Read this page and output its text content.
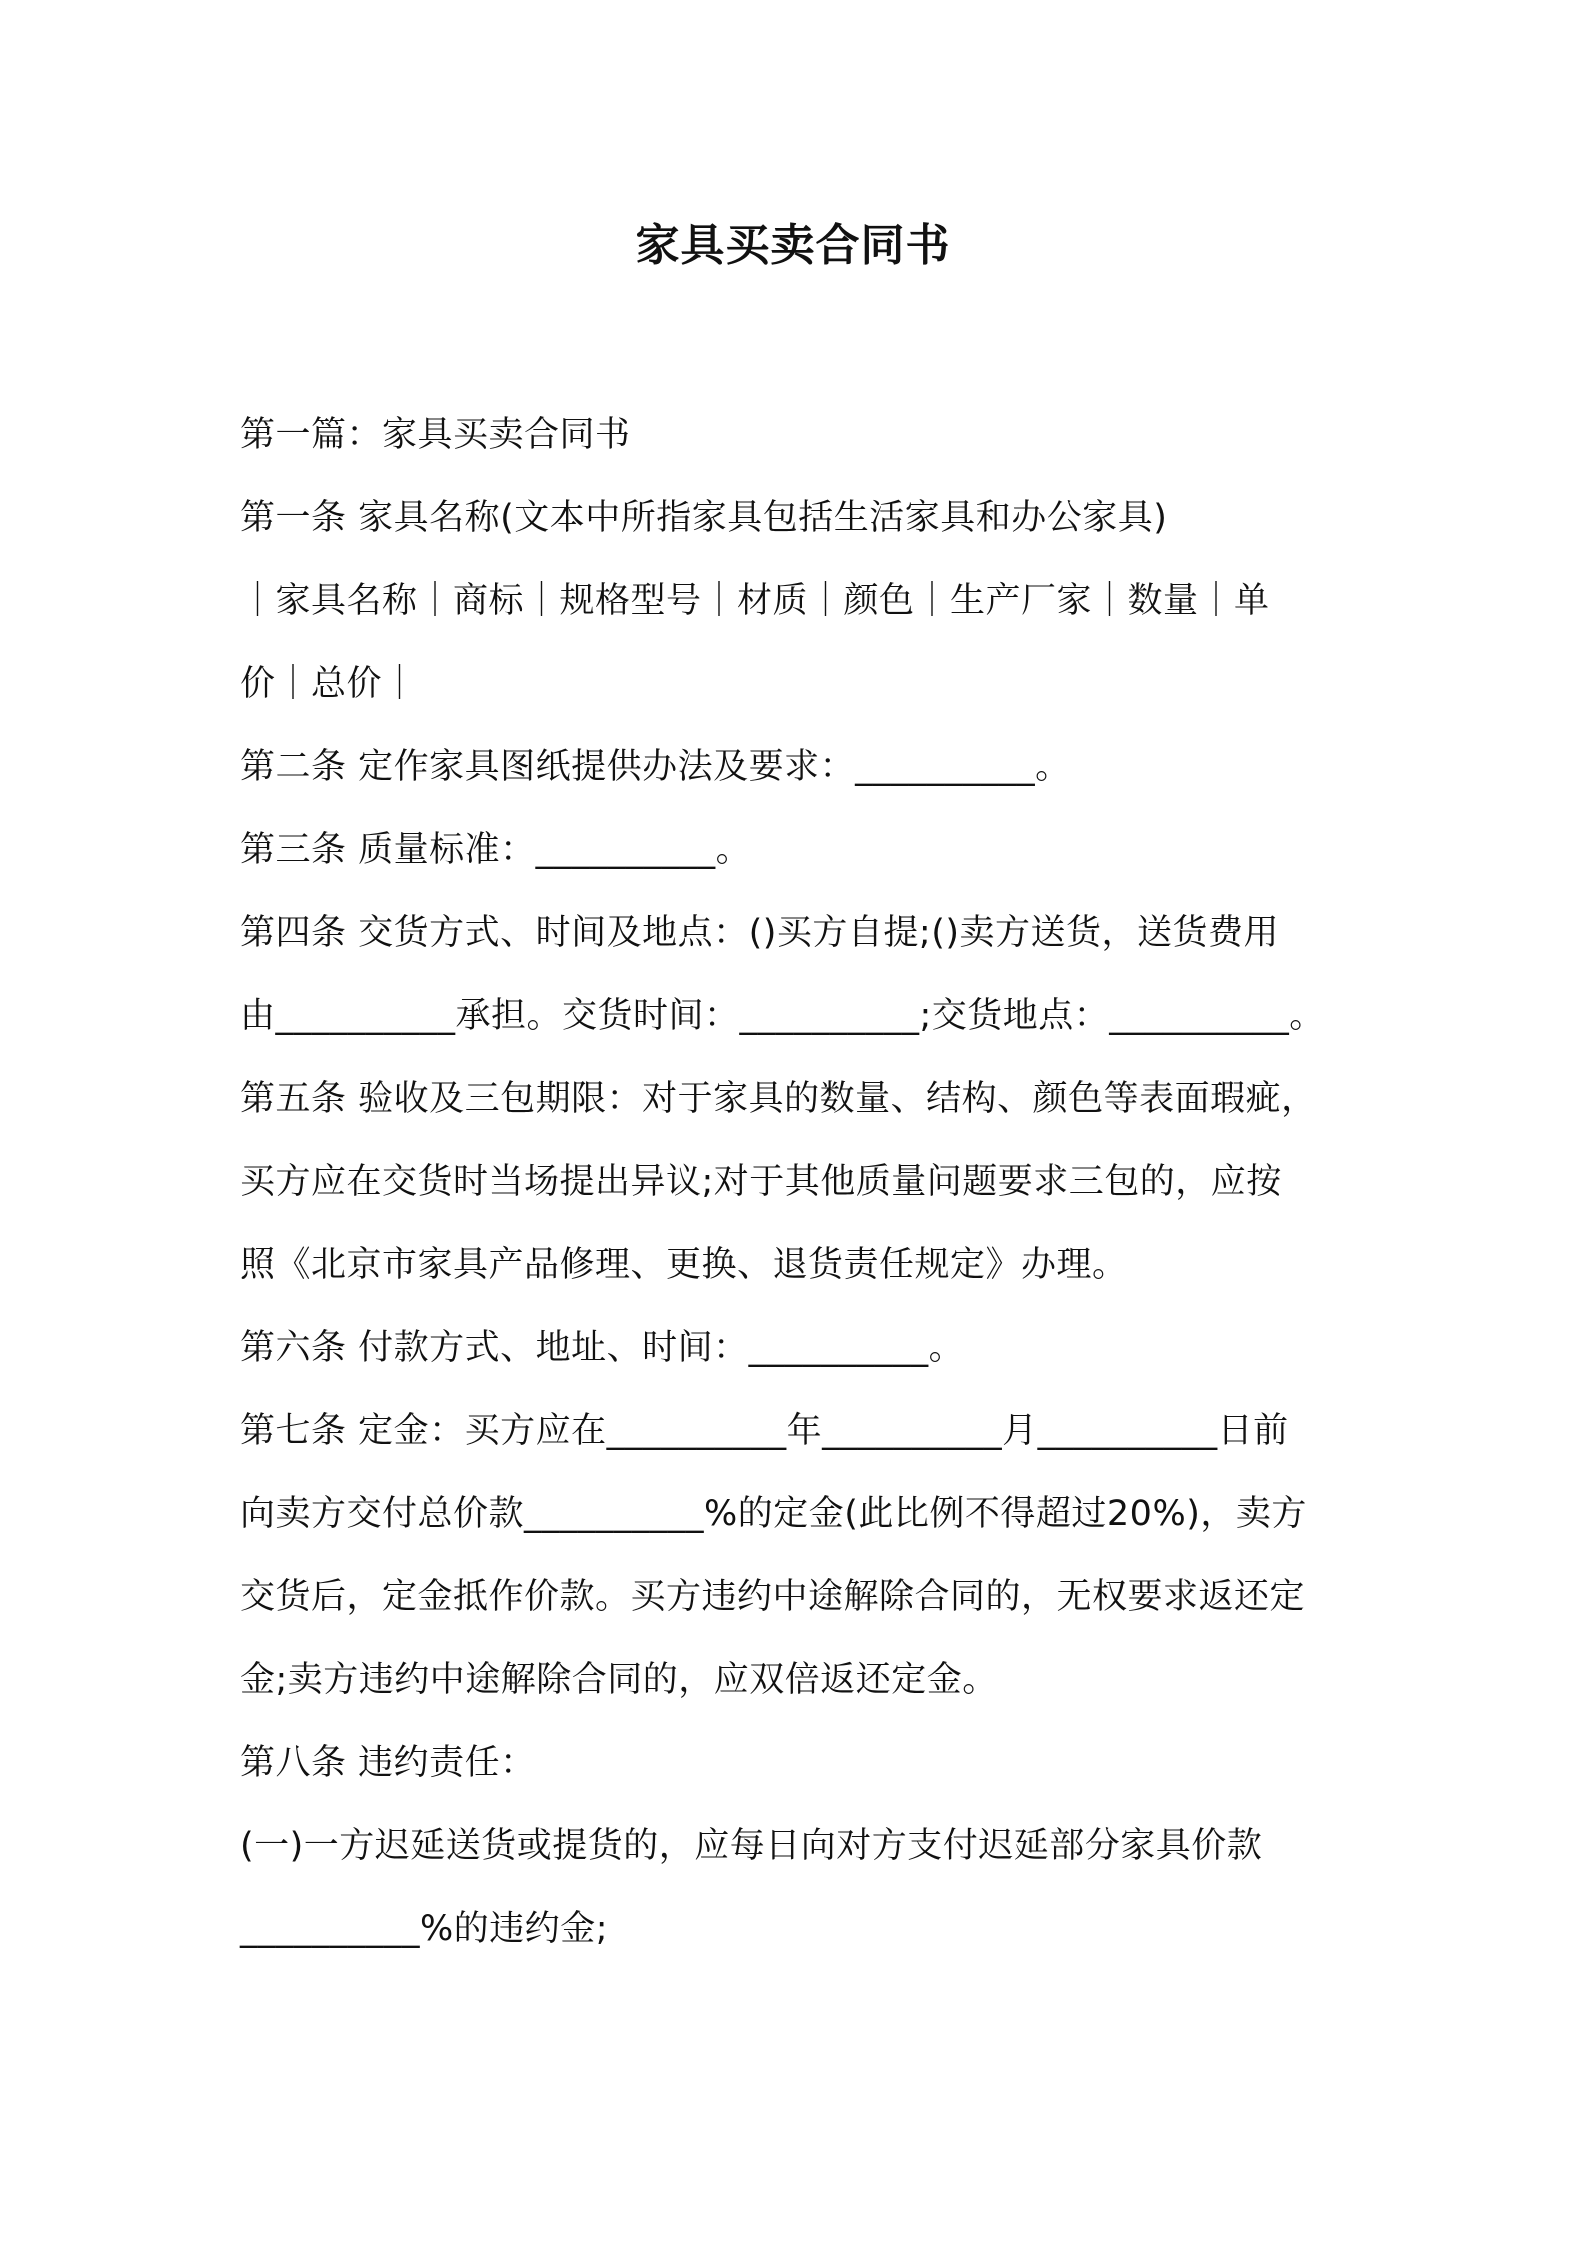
家具买卖合同书
第一篇：家具买卖合同书
第一条 家具名称(文本中所指家具包括生活家具和办公家具)
｜家具名称｜商标｜规格型号｜材质｜颜色｜生产厂家｜数量｜单
价｜总价｜
第二条 定作家具图纸提供办法及要求：__________。
第三条 质量标准：__________。
第四条 交货方式、时间及地点：()买方自提;()卖方送货，送货费用
由__________承担。交货时间：__________;交货地点：__________。
第五条 验收及三包期限：对于家具的数量、结构、颜色等表面瑕疵，
买方应在交货时当场提出异议;对于其他质量问题要求三包的，应按
照《北京市家具产品修理、更换、退货责任规定》办理。
第六条 付款方式、地址、时间：__________。
第七条 定金：买方应在__________年__________月__________日前
向卖方交付总价款__________%的定金(此比例不得超过20%)，卖方
交货后，定金抵作价款。买方违约中途解除合同的，无权要求返还定
金;卖方违约中途解除合同的，应双倍返还定金。
第八条 违约责任：
(一)一方迟延送货或提货的，应每日向对方支付迟延部分家具价款
__________%的违约金;
